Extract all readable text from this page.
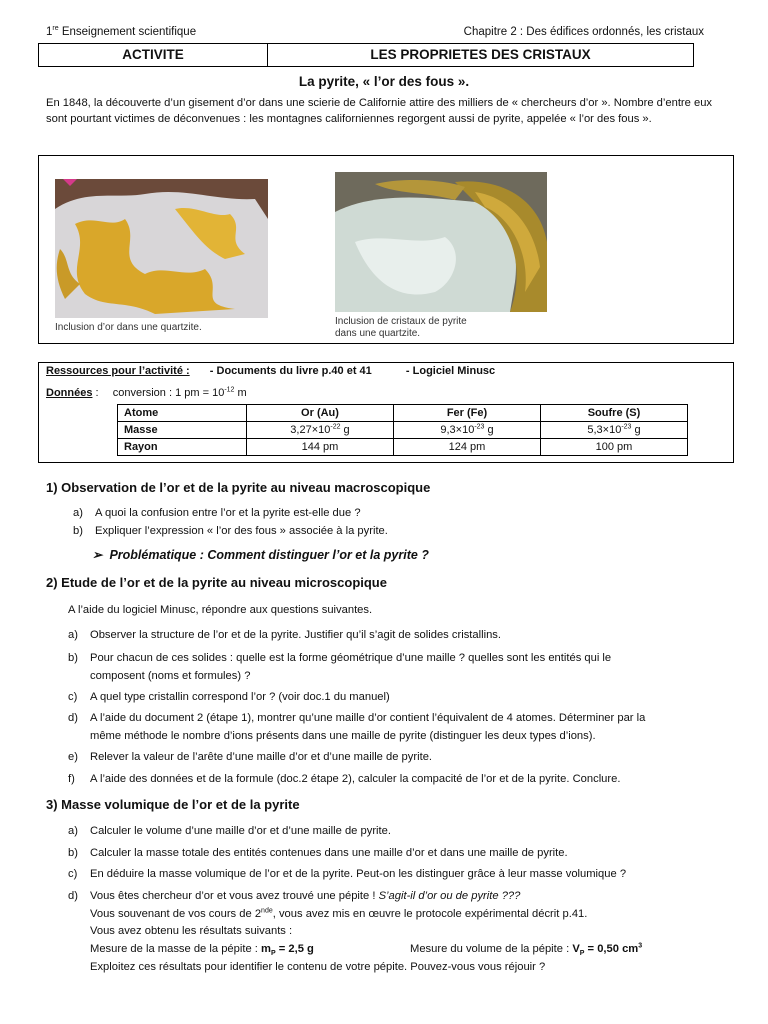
1re Enseignement scientifique	Chapitre 2 : Des édifices ordonnés, les cristaux
ACTIVITE	LES PROPRIETES DES CRISTAUX
La pyrite, « l’or des fous ».
En 1848, la découverte d’un gisement d’or dans une scierie de Californie attire des milliers de « chercheurs d’or ». Nombre d’entre eux sont pourtant victimes de déconvenues : les montagnes californiennes regorgent aussi de pyrite, appelée « l’or des fous ».
Inclusion d’or dans une quartzite.
Inclusion de cristaux de pyrite
dans une quartzite.
Ressources pour l’activité : - Documents du livre p.40 et 41	- Logiciel Minusc
Données : conversion : 1 pm = $10^{-12}$ m
Atome	Or (Au)	Fer (Fe)	Soufre (S)
Masse	$3,27\times 10^{-22}$ g	$9,3\times 10^{-23}$ g	$5,3\times 10^{-23}$ g
Rayon	144 pm	124 pm	100 pm
1) Observation de l’or et de la pyrite au niveau macroscopique
a) A quoi la confusion entre l’or et la pyrite est-elle due ?
b) Expliquer l’expression « l’or des fous » associée à la pyrite.
➢ Problématique : Comment distinguer l’or et la pyrite ?
2) Etude de l’or et de la pyrite au niveau microscopique
A l’aide du logiciel Minusc, répondre aux questions suivantes.
a) Observer la structure de l’or et de la pyrite. Justifier qu’il s’agit de solides cristallins.
b) Pour chacun de ces solides : quelle est la forme géométrique d’une maille ? quelles sont les entités qui le
composent (noms et formules) ?
c) A quel type cristallin correspond l’or ? (voir doc.1 du manuel)
d) A l’aide du document 2 (étape 1), montrer qu’une maille d’or contient l’équivalent de 4 atomes. Déterminer par la
même méthode le nombre d’ions présents dans une maille de pyrite (distinguer les deux types d’ions).
e) Relever la valeur de l’arête d’une maille d’or et d’une maille de pyrite.
f) A l’aide des données et de la formule (doc.2 étape 2), calculer la compacité de l’or et de la pyrite. Conclure.
3) Masse volumique de l’or et de la pyrite
a) Calculer le volume d’une maille d’or et d’une maille de pyrite.
b) Calculer la masse totale des entités contenues dans une maille d’or et dans une maille de pyrite.
c) En déduire la masse volumique de l’or et de la pyrite. Peut-on les distinguer grâce à leur masse volumique ?
d) Vous êtes chercheur d’or et vous avez trouvé une pépite ! S’agit-il d’or ou de pyrite ???
Vous souvenant de vos cours de 2nde, vous avez mis en œuvre le protocole expérimental décrit p.41.
Vous avez obtenu les résultats suivants :
Mesure de la masse de la pépite : $m_P = 2,5$ g	Mesure du volume de la pépite : $V_P = 0,50$ $cm^3$
Exploitez ces résultats pour identifier le contenu de votre pépite. Pouvez-vous vous réjouir ?
